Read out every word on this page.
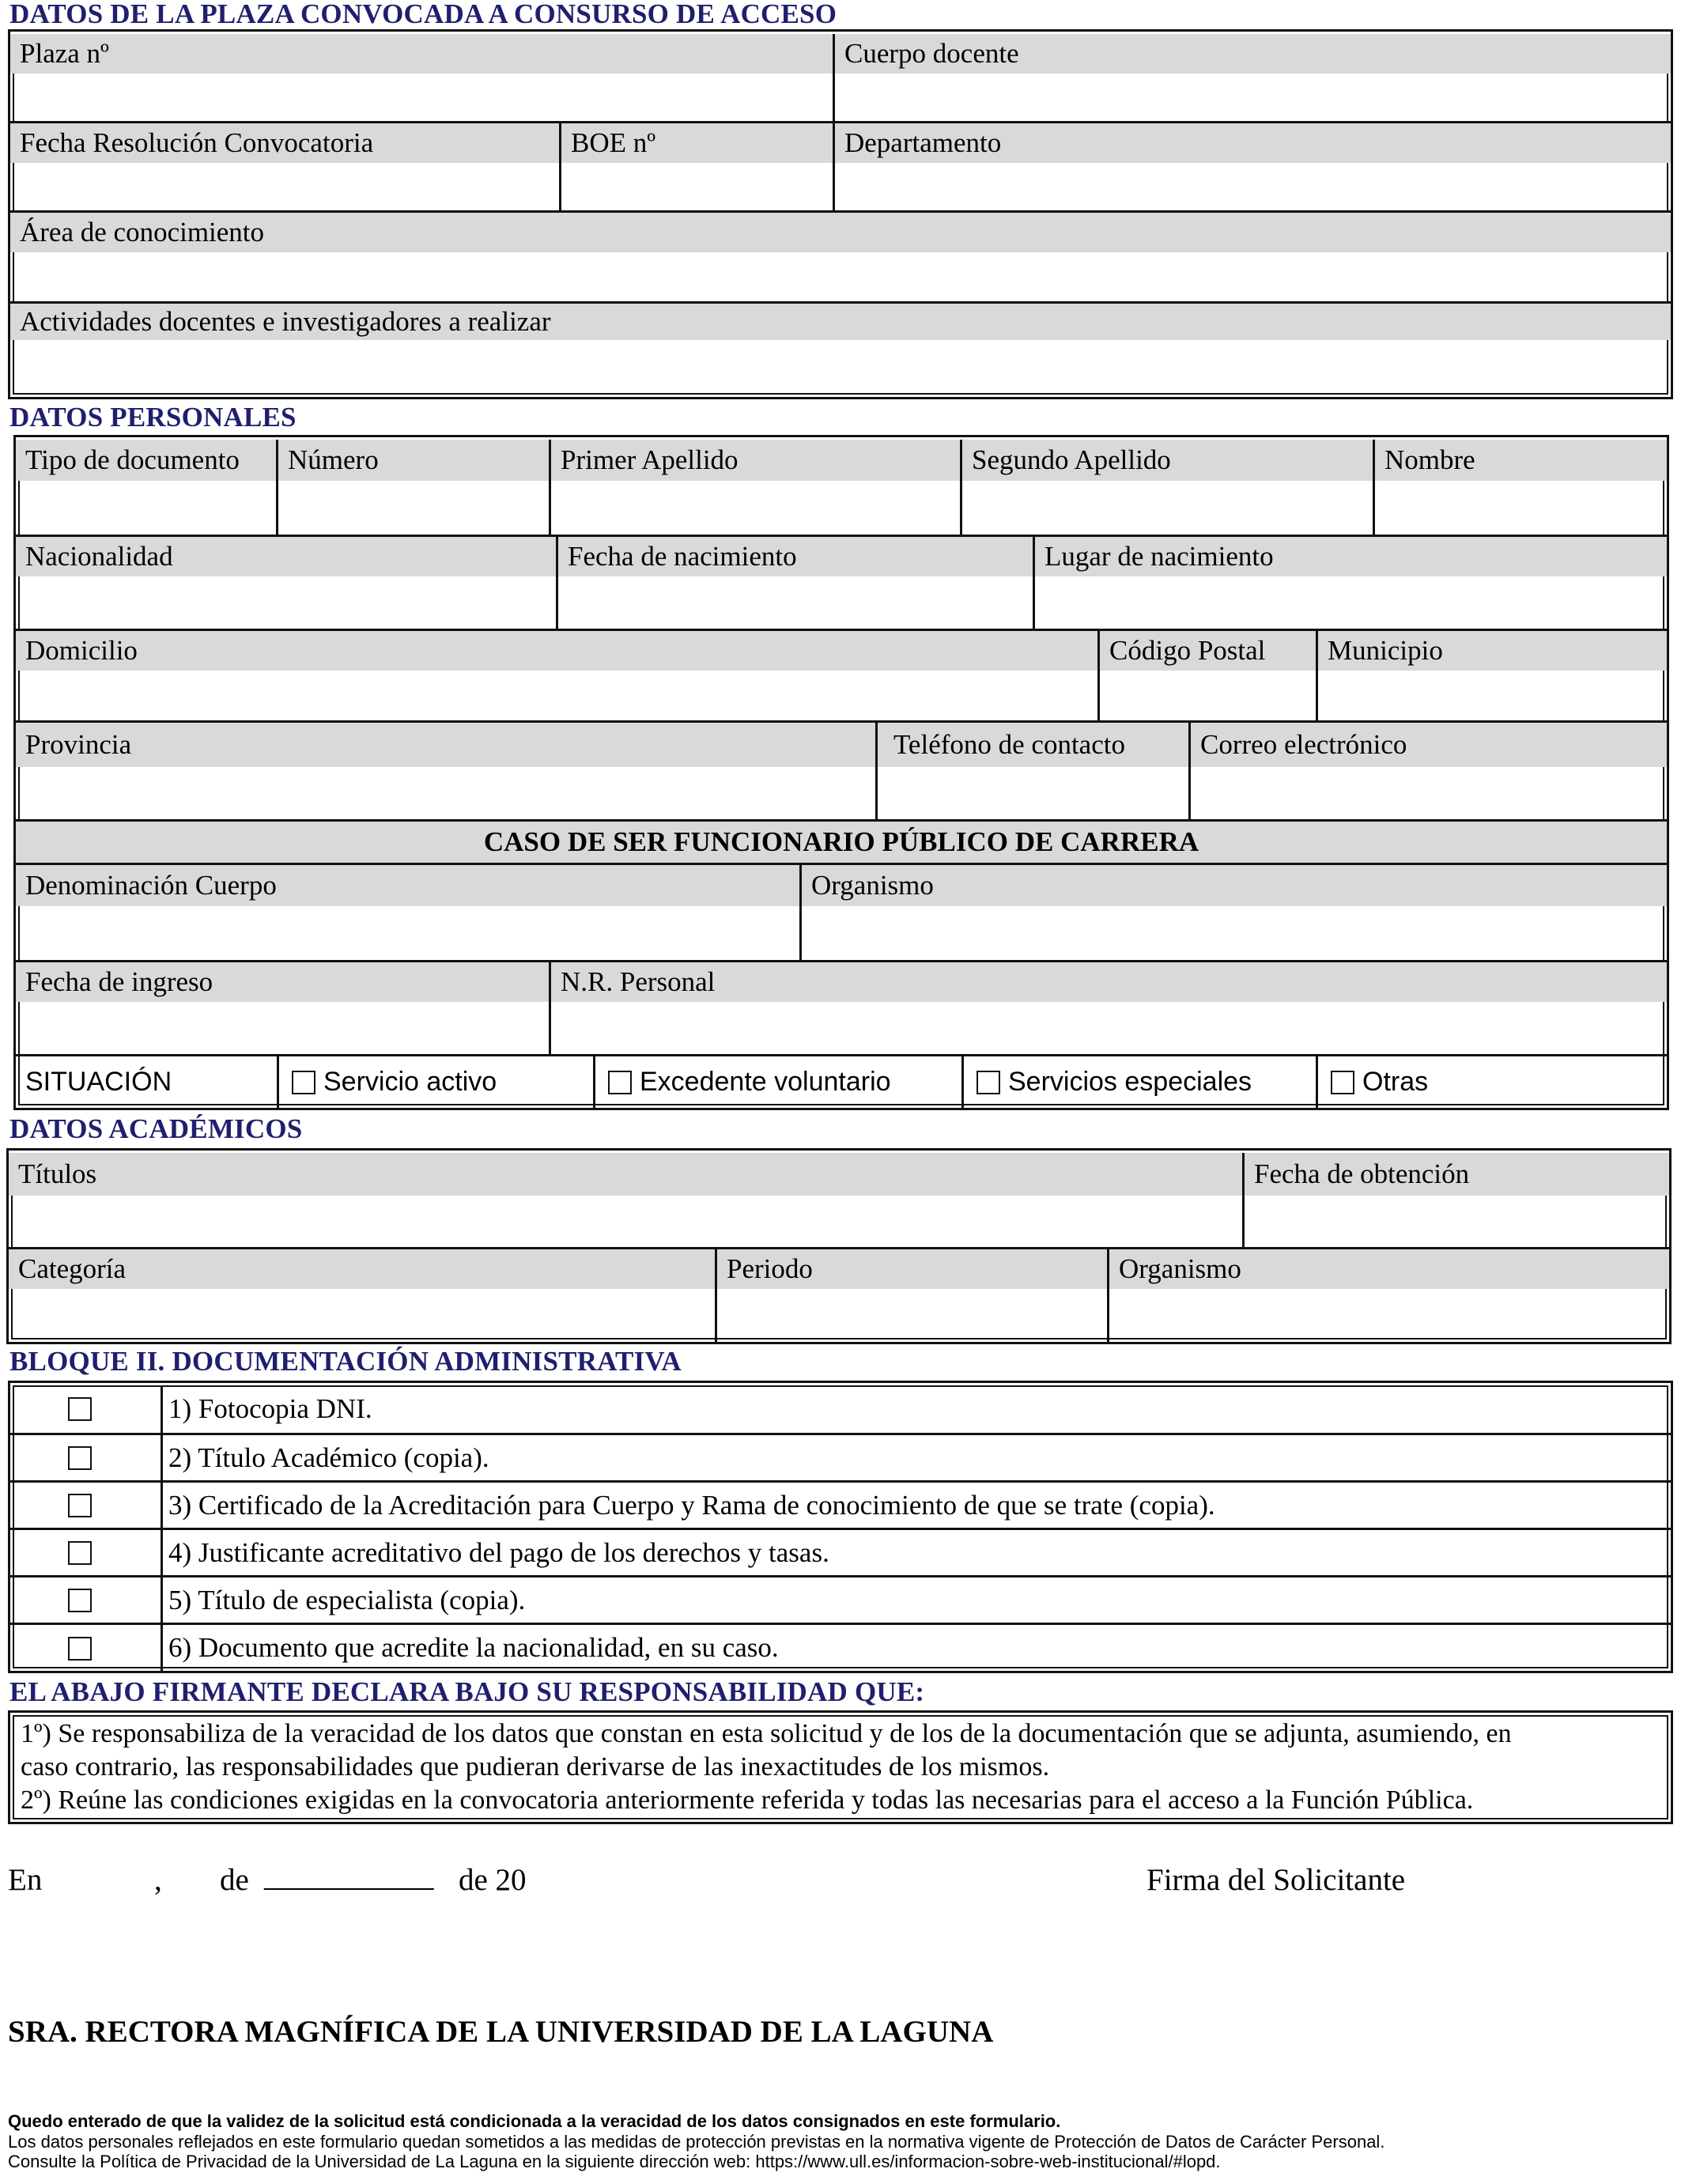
DATOS DE LA PLAZA CONVOCADA A CONSURSO DE ACCESO
Plaza nº	Cuerpo docente
Fecha Resolución Convocatoria	BOE nº	Departamento
Área de conocimiento
Actividades docentes e investigadores a realizar
DATOS PERSONALES
Tipo de documento	Número	Primer Apellido	Segundo Apellido	Nombre
Nacionalidad	Fecha de nacimiento	Lugar de nacimiento
Domicilio	Código Postal	Municipio
Provincia	Teléfono de contacto	Correo electrónico
CASO DE SER FUNCIONARIO PÚBLICO DE CARRERA
Denominación Cuerpo	Organismo
Fecha de ingreso	N.R. Personal
SITUACIÓN	Servicio activo	Excedente voluntario	Servicios especiales	Otras
DATOS ACADÉMICOS
Títulos	Fecha de obtención
Categoría	Periodo	Organismo
BLOQUE II. DOCUMENTACIÓN ADMINISTRATIVA
1) Fotocopia DNI.
2) Título Académico (copia).
3) Certificado de la Acreditación para Cuerpo y Rama de conocimiento de que se trate (copia).
4) Justificante acreditativo del pago de los derechos y tasas.
5) Título de especialista (copia).
6) Documento que acredite la nacionalidad, en su caso.
EL ABAJO FIRMANTE DECLARA BAJO SU RESPONSABILIDAD QUE:
1º) Se responsabiliza de la veracidad de los datos que constan en esta solicitud y de los de la documentación que se adjunta, asumiendo, en
caso contrario, las responsabilidades que pudieran derivarse de las inexactitudes de los mismos.
2º) Reúne las condiciones exigidas en la convocatoria anteriormente referida y todas las necesarias para el acceso a la Función Pública.
En	, de ___________ de 20	Firma del Solicitante
SRA. RECTORA MAGNÍFICA DE LA UNIVERSIDAD DE LA LAGUNA
Quedo enterado de que la validez de la solicitud está condicionada a la veracidad de los datos consignados en este formulario.
Los datos personales reflejados en este formulario quedan sometidos a las medidas de protección previstas en la normativa vigente de Protección de Datos de Carácter Personal.
Consulte la Política de Privacidad de la Universidad de La Laguna en la siguiente dirección web: https://www.ull.es/informacion-sobre-web-institucional/#lopd.
